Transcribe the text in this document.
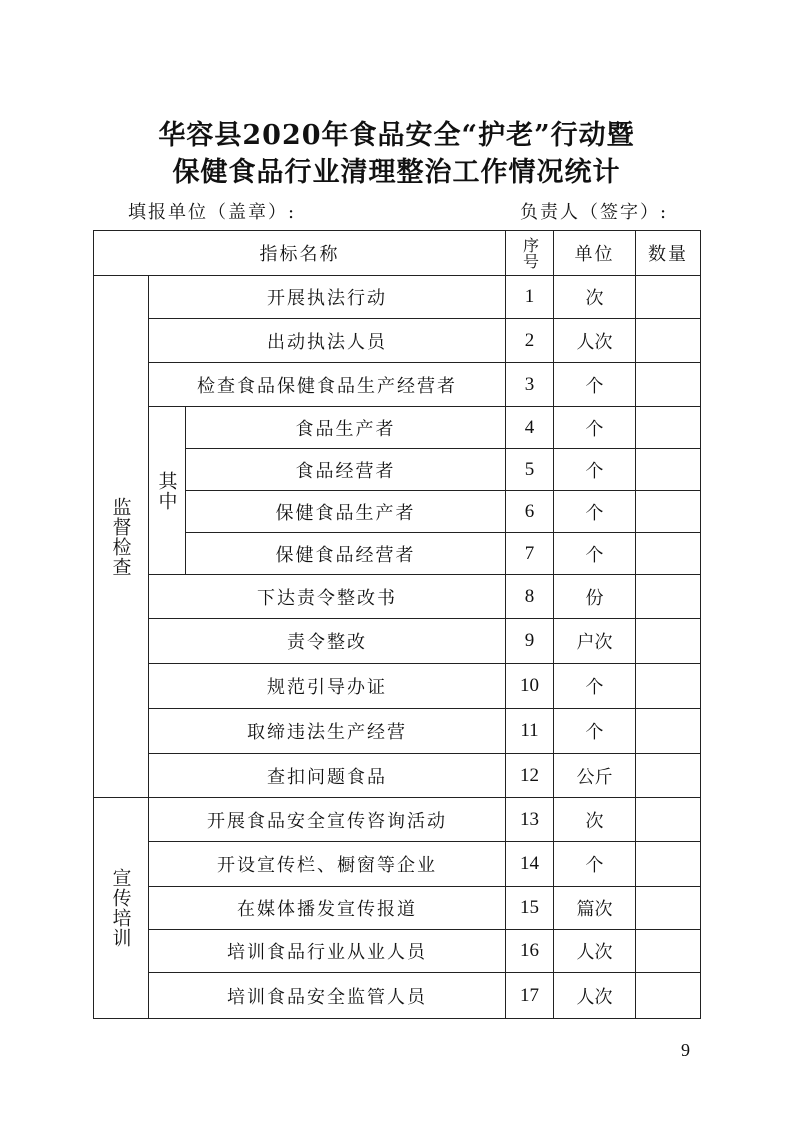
华容县2020年食品安全“护老”行动暨
保健食品行业清理整治工作情况统计
填报单位（盖章）:	负责人（签字）:
指标名称			序号	单位	数量

监督检查	开展执法行动		1	次	
	出动执法人员		2	人次	
	检查食品保健食品生产经营者		3	个	

	其中	食品生产者	4	个	
		食品经营者	5	个	
		保健食品生产者	6	个	
		保健食品经营者	7	个	
	下达责令整改书		8	份	
	责令整改		9	户次	
	规范引导办证		10	个	
	取缔违法生产经营		11	个	
	查扣问题食品		12	公斤	

宣传培训	开展食品安全宣传咨询活动		13	次	
	开设宣传栏、橱窗等企业		14	个	
	在媒体播发宣传报道		15	篇次	
	培训食品行业从业人员		16	人次	
	培训食品安全监管人员		17	人次	
9
